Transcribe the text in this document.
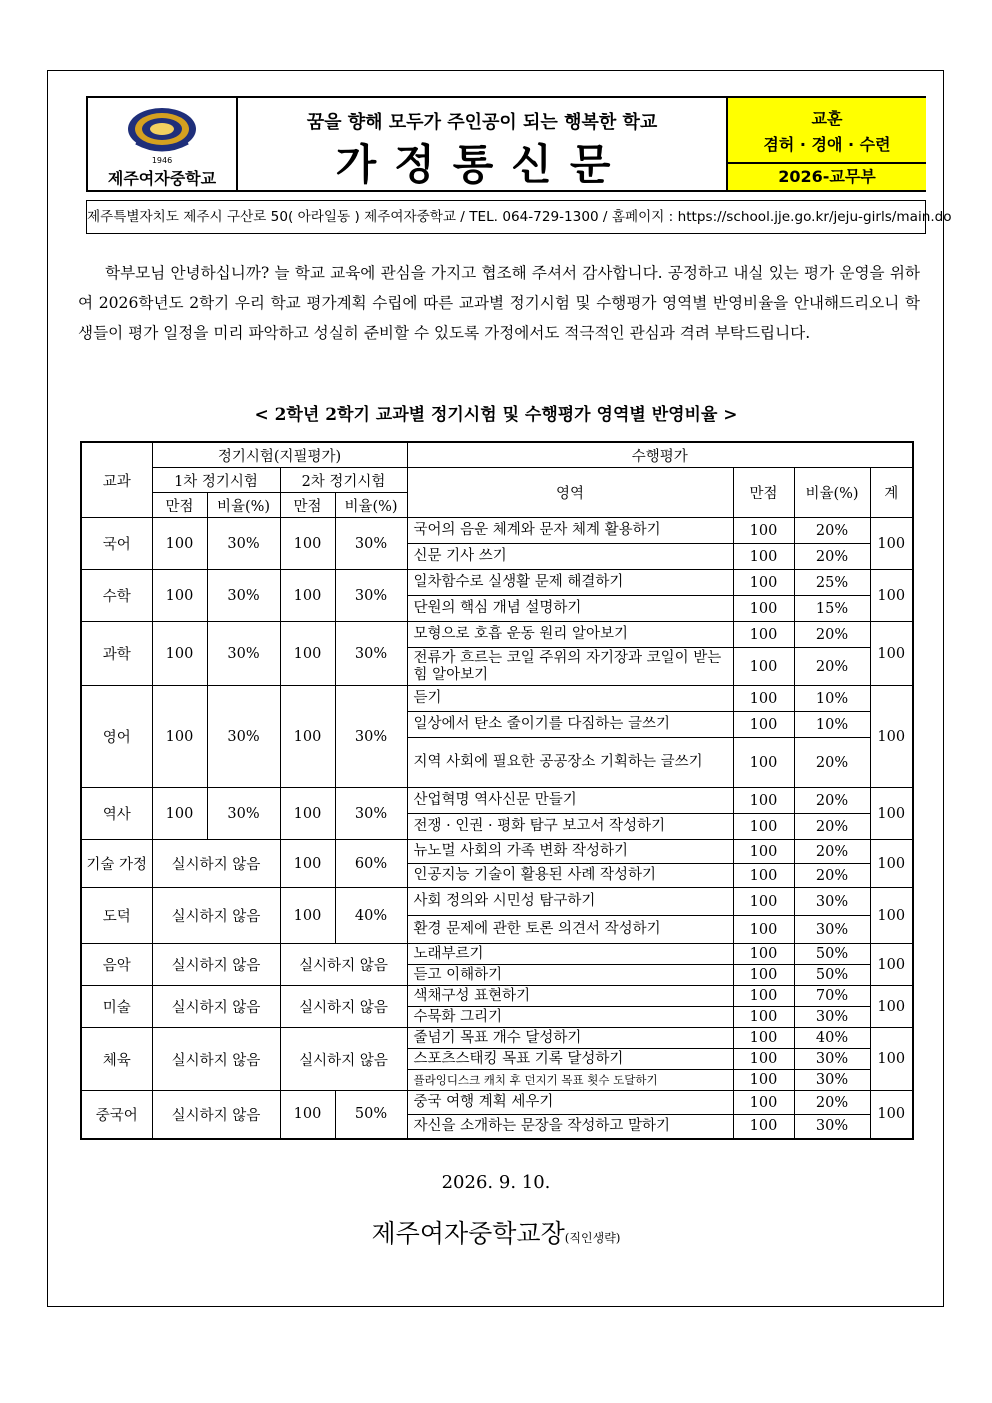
1946
제주여자중학교
꿈을 향해 모두가 주인공이 되는 행복한 학교
가정통신문
교훈
겸허 · 경애 · 수련
2026-교무부
제주특별자치도 제주시 구산로 50( 아라일동 ) 제주여자중학교 / TEL. 064-729-1300 / 홈페이지 : https://school.jje.go.kr/jeju-girls/main.do

학부모님 안녕하십니까? 늘 학교 교육에 관심을 가지고 협조해 주셔서 감사합니다. 공정하고 내실 있는 평가 운영을 위하여 2026학년도 2학기 우리 학교 평가계획 수립에 따른 교과별 정기시험 및 수행평가 영역별 반영비율을 안내해드리오니 학생들이 평가 일정을 미리 파악하고 성실히 준비할 수 있도록 가정에서도 적극적인 관심과 격려 부탁드립니다.

< 2학년 2학기 교과별 정기시험 및 수행평가 영역별 반영비율 >
교과	정기시험(지필평가)				수행평가			
	1차 정기시험		2차 정기시험		영역	만점	비율(%)	계
	만점	비율(%)	만점	비율(%)				
국어	100	30%	100	30%	국어의 음운 체계와 문자 체계 활용하기	100	20%	100
					신문 기사 쓰기	100	20%	
수학	100	30%	100	30%	일차함수로 실생활 문제 해결하기	100	25%	100
					단원의 핵심 개념 설명하기	100	15%	
과학	100	30%	100	30%	모형으로 호흡 운동 원리 알아보기	100	20%	100
					전류가 흐르는 코일 주위의 자기장과 코일이 받는 힘 알아보기	100	20%	
영어	100	30%	100	30%	듣기	100	10%	100
					일상에서 탄소 줄이기를 다짐하는 글쓰기	100	10%	
					지역 사회에 필요한 공공장소 기획하는 글쓰기	100	20%	
역사	100	30%	100	30%	산업혁명 역사신문 만들기	100	20%	100
					전쟁 · 인권 · 평화 탐구 보고서 작성하기	100	20%	
기술 가정	실시하지 않음		100	60%	뉴노멀 사회의 가족 변화 작성하기	100	20%	100
					인공지능 기술이 활용된 사례 작성하기	100	20%	
도덕	실시하지 않음		100	40%	사회 정의와 시민성 탐구하기	100	30%	100
					환경 문제에 관한 토론 의견서 작성하기	100	30%	
음악	실시하지 않음		실시하지 않음		노래부르기	100	50%	100
					듣고 이해하기	100	50%	
미술	실시하지 않음		실시하지 않음		색채구성 표현하기	100	70%	100
					수묵화 그리기	100	30%	
체육	실시하지 않음		실시하지 않음		줄넘기 목표 개수 달성하기	100	40%	100
					스포츠스태킹 목표 기록 달성하기	100	30%	
					플라잉디스크 캐치 후 던지기 목표 횟수 도달하기	100	30%	
중국어	실시하지 않음		100	50%	중국 여행 계획 세우기	100	20%	100
					자신을 소개하는 문장을 작성하고 말하기	100	30%	
2026. 9. 10.
제주여자중학교장(직인생략)
